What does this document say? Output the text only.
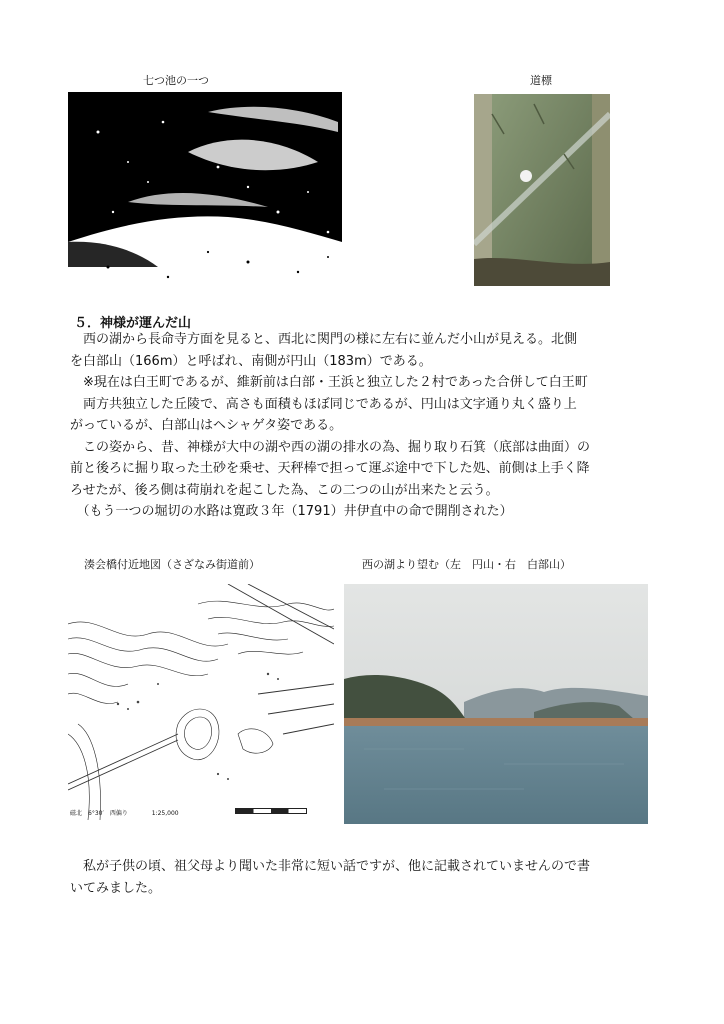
七つ池の一つ	道標
５．神様が運んだ山
　西の湖から長命寺方面を見ると、西北に関門の様に左右に並んだ小山が見える。北側
を白部山（166m）と呼ばれ、南側が円山（183m）である。
　※現在は白王町であるが、維新前は白部・王浜と独立した２村であった合併して白王町
　両方共独立した丘陵で、高さも面積もほぼ同じであるが、円山は文字通り丸く盛り上
がっているが、白部山はヘシャゲタ姿である。
　この姿から、昔、神様が大中の湖や西の湖の排水の為、掘り取り石箕（底部は曲面）の
前と後ろに掘り取った土砂を乗せ、天秤棒で担って運ぶ途中で下した処、前側は上手く降
ろせたが、後ろ側は荷崩れを起こした為、この二つの山が出来たと云う。
　（もう一つの堀切の水路は寛政３年（1791）井伊直中の命で開削された）
湊会橋付近地図（さざなみ街道前）	西の湖より望む（左　円山・右　白部山）
磁北　6°30′　西偏り	1:25,000
　私が子供の頃、祖父母より聞いた非常に短い話ですが、他に記載されていませんので書
いてみました。
